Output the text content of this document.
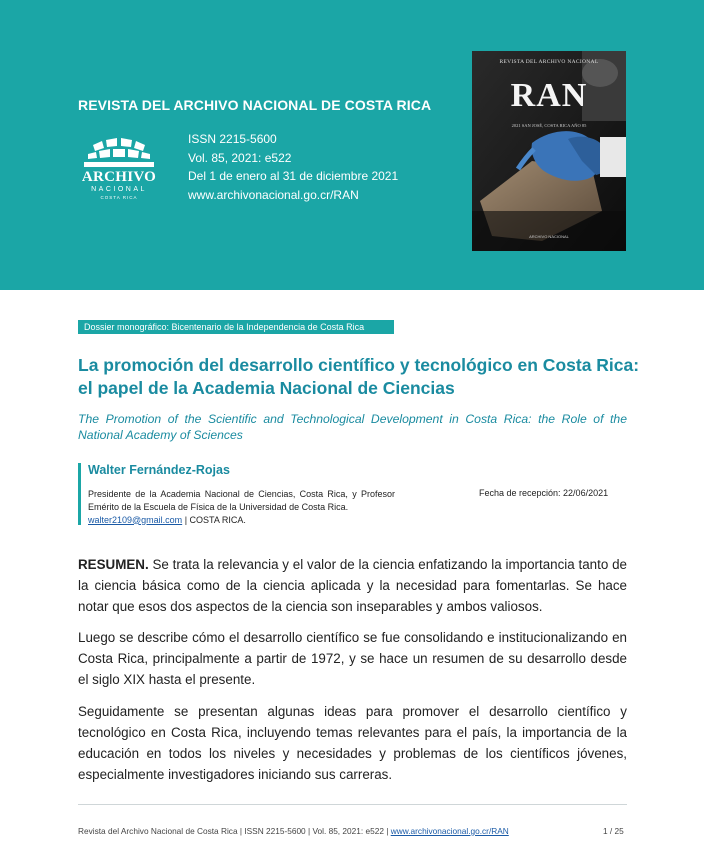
REVISTA DEL ARCHIVO NACIONAL DE COSTA RICA
ARCHIVO
NACIONAL
COSTA RICA
ISSN 2215-5600
Vol. 85, 2021: e522
Del 1 de enero al 31 de diciembre 2021
www.archivonacional.go.cr/RAN
REVISTA DEL ARCHIVO NACIONAL
RAN
2021 SAN JOSÉ, COSTA RICA AÑO 85
ARCHIVO NACIONAL
Dossier monográfico: Bicentenario de la Independencia de Costa Rica
La promoción del desarrollo científico y tecnológico en Costa Rica:
el papel de la Academia Nacional de Ciencias
The Promotion of the Scientific and Technological Development in Costa Rica: the Role of the National Academy of Sciences
Walter Fernández-Rojas
Presidente de la Academia Nacional de Ciencias, Costa Rica, y Profesor Emérito de la Escuela de Física de la Universidad de Costa Rica.
walter2109@gmail.com | COSTA RICA.
Fecha de recepción: 22/06/2021
RESUMEN. Se trata la relevancia y el valor de la ciencia enfatizando la importancia tanto de la ciencia básica como de la ciencia aplicada y la necesidad para fomentarlas. Se hace notar que esos dos aspectos de la ciencia son inseparables y ambos valiosos.
Luego se describe cómo el desarrollo científico se fue consolidando e institucionalizando en Costa Rica, principalmente a partir de 1972, y se hace un resumen de su desarrollo desde el siglo XIX hasta el presente.
Seguidamente se presentan algunas ideas para promover el desarrollo científico y tecnológico en Costa Rica, incluyendo temas relevantes para el país, la importancia de la educación en todos los niveles y necesidades y problemas de los científicos jóvenes, especialmente investigadores iniciando sus carreras.
Revista del Archivo Nacional de Costa Rica | ISSN 2215-5600 | Vol. 85, 2021: e522 | www.archivonacional.go.cr/RAN	1 / 25
